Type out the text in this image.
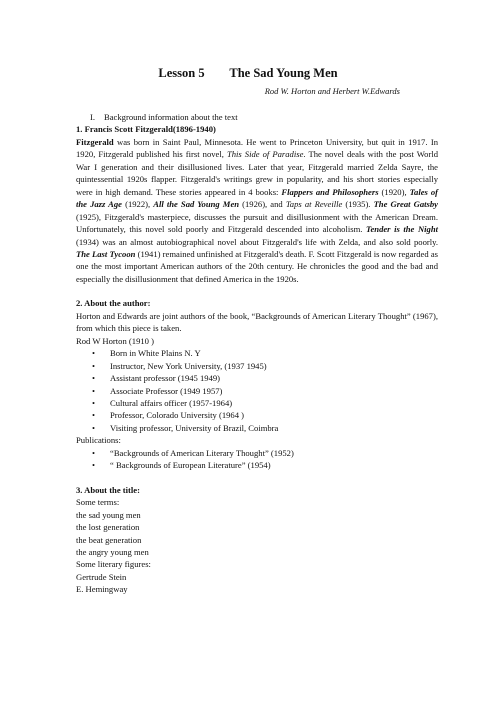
Lesson 5        The Sad Young Men
Rod W. Horton and Herbert W.Edwards
I.	Background information about the text
1. Francis Scott Fitzgerald(1896-1940)

Fitzgerald was born in Saint Paul, Minnesota. He went to Princeton University, but quit in 1917. In 1920, Fitzgerald published his first novel, This Side of Paradise. The novel deals with the post World War I generation and their disillusioned lives. Later that year, Fitzgerald married Zelda Sayre, the quintessential 1920s flapper. Fitzgerald's writings grew in popularity, and his short stories especially were in high demand. These stories appeared in 4 books: Flappers and Philosophers (1920), Tales of the Jazz Age (1922), All the Sad Young Men (1926), and Taps at Reveille (1935). The Great Gatsby (1925), Fitzgerald's masterpiece, discusses the pursuit and disillusionment with the American Dream. Unfortunately, this novel sold poorly and Fitzgerald descended into alcoholism. Tender is the Night (1934) was an almost autobiographical novel about Fitzgerald's life with Zelda, and also sold poorly. The Last Tycoon (1941) remained unfinished at Fitzgerald's death. F. Scott Fitzgerald is now regarded as one the most important American authors of the 20th century. He chronicles the good and the bad and especially the disillusionment that defined America in the 1920s.

2. About the author:

Horton and Edwards are joint authors of the book, “Backgrounds of American Literary Thought” (1967), from which this piece is taken.

Rod W Horton (1910 )
• Born in White Plains N. Y
• Instructor, New York University, (1937 1945)
• Assistant professor (1945 1949)
• Associate Professor (1949 1957)
• Cultural affairs officer (1957-1964)
• Professor, Colorado University (1964 )
• Visiting professor, University of Brazil, Coimbra
Publications:
• “Backgrounds of American Literary Thought” (1952)
• “ Backgrounds of European Literature” (1954)
3. About the title:
Some terms:
the sad young men
the lost generation
the beat generation
the angry young men
Some literary figures:
Gertrude Stein
E. Hemingway
